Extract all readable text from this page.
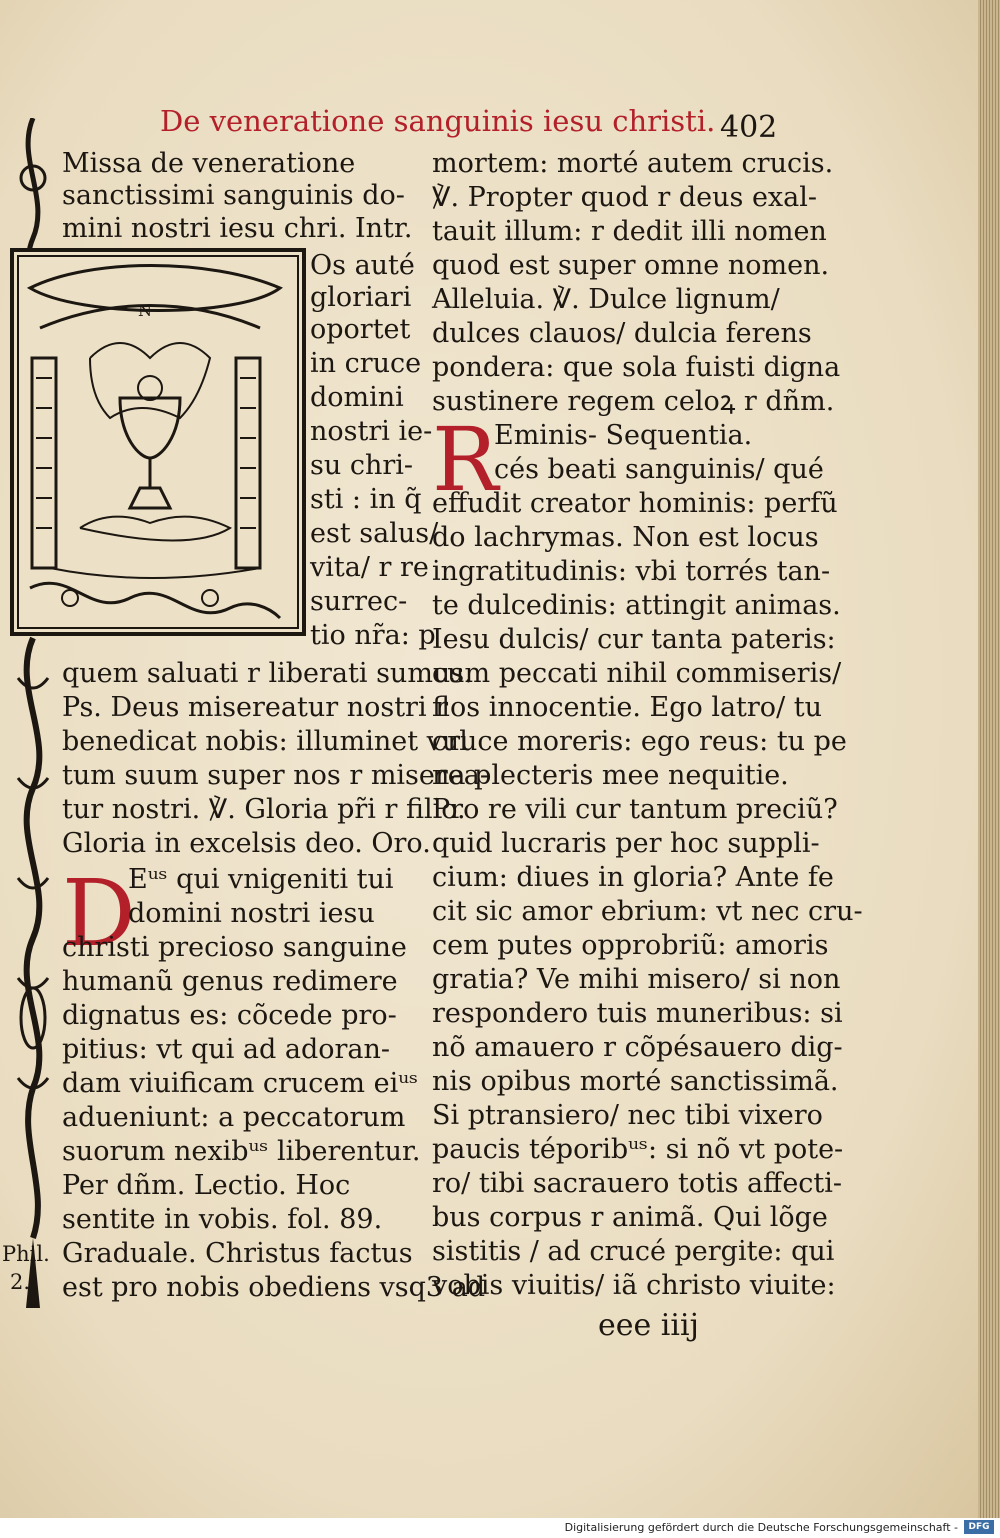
De veneratione sanguinis iesu christi. 402
N
Missa de veneratione
sanctissimi sanguinis do-
mini nostri iesu chri. Intr.
Os auté
gloriari
oportet
in cruce
domini
nostri ie-
su chri-
sti : in q̃
est salus/
vita/ r re
surrec-
tio nr̃a: p
quem saluati r liberati sumus.
Ps. Deus misereatur nostri r
benedicat nobis: illuminet vul
tum suum super nos r miserea-
tur nostri. ℣. Gloria pr̃i r filio.
Gloria in excelsis deo. Oro.
D
Eᵘˢ qui vnigeniti tui
domini nostri iesu
christi precioso sanguine
humanũ genus redimere
dignatus es: cõcede pro-
pitius: vt qui ad adoran-
dam viuificam crucem eiᵘˢ
adueniunt: a peccatorum
suorum nexibᵘˢ liberentur.
Per dñm. Lectio. Hoc
sentite in vobis. fol. 89.
Graduale. Christus factus
est pro nobis obediens vsq3 ad
Phil.
2.
mortem: morté autem crucis.
℣. Propter quod r deus exal-
tauit illum: r dedit illi nomen
quod est super omne nomen.
Alleluia. ℣. Dulce lignum/
dulces clauos/ dulcia ferens
pondera: que sola fuisti digna
sustinere regem celoꝝ r dñm.
R
Eminis- Sequentia.
cés beati sanguinis/ qué
effudit creator hominis: perfũ
do lachrymas. Non est locus
ingratitudinis: vbi torrés tan-
te dulcedinis: attingit animas.
Iesu dulcis/ cur tanta pateris:
cum peccati nihil commiseris/
flos innocentie. Ego latro/ tu
cruce moreris: ego reus: tu pe
na plecteris mee nequitie.
Pro re vili cur tantum preciũ?
quid lucraris per hoc suppli-
cium: diues in gloria? Ante fe
cit sic amor ebrium: vt nec cru-
cem putes opprobriũ: amoris
gratia? Ve mihi misero/ si non
respondero tuis muneribus: si
nõ amauero r cõpésauero dig-
nis opibus morté sanctissimã.
Si ptransiero/ nec tibi vixero
paucis téporibᵘˢ: si nõ vt pote-
ro/ tibi sacrauero totis affecti-
bus corpus r animã. Qui lõge
sistitis / ad crucé pergite: qui
vobis viuitis/ iã christo viuite:
eee iiij
Digitalisierung gefördert durch die Deutsche Forschungsgemeinschaft -	DFG
